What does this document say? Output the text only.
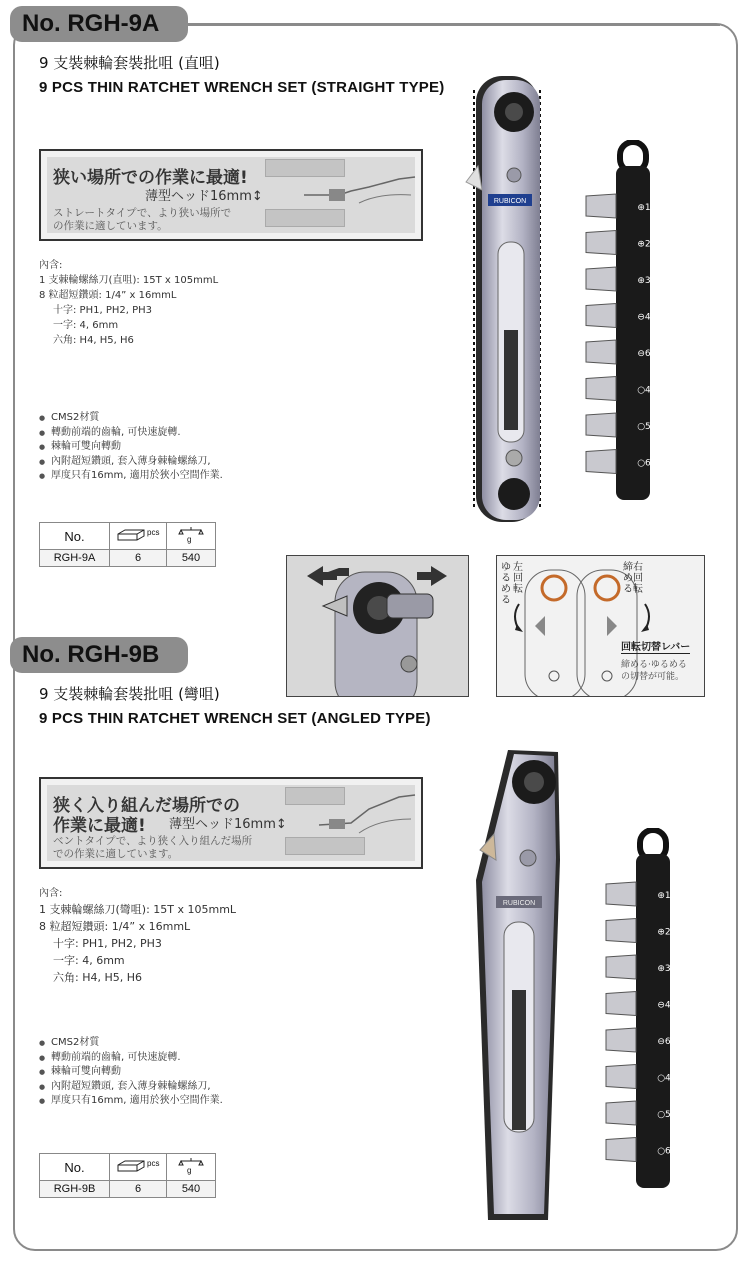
No. RGH-9A
9 支裝棘輪套裝批咀 (直咀)
9 PCS THIN RATCHET WRENCH SET (STRAIGHT TYPE)
狭い場所での作業に最適!
薄型ヘッド16mm↕
ストレートタイプで、より狭い場所で
の作業に適しています。
內含:
1 支棘輪螺絲刀(直咀): 15T x 105mmL
8 粒超短鑽頭: 1/4” x 16mmL
十字: PH1, PH2, PH3
一字: 4, 6mm
六角: H4, H5, H6
● CMS2材質
● 轉動前端的齒輪, 可快速旋轉.
● 棘輪可雙向轉動
● 內附超短鑽頭, 套入薄身棘輪螺絲刀,
● 厚度只有16mm, 適用於狹小空間作業.
No.	pcs	g

RGH-9A	6	540
RUBICON
⊕1
⊕2
⊕3
⊖4
⊖6
○4
○5
○6
左回転
ゆるめる
右回転
締める
回転切替レバー
締める·ゆるめる
の切替が可能。
No. RGH-9B
9 支裝棘輪套裝批咀 (彎咀)
9 PCS THIN RATCHET WRENCH SET (ANGLED TYPE)
狭く入り組んだ場所での
作業に最適! 薄型ヘッド16mm↕
ベントタイプで、より狭く入り組んだ場所
での作業に適しています。
內含:
1 支棘輪螺絲刀(彎咀): 15T x 105mmL
8 粒超短鑽頭: 1/4” x 16mmL
十字: PH1, PH2, PH3
一字: 4, 6mm
六角: H4, H5, H6
● CMS2材質
● 轉動前端的齒輪, 可快速旋轉.
● 棘輪可雙向轉動
● 內附超短鑽頭, 套入薄身棘輪螺絲刀,
● 厚度只有16mm, 適用於狹小空間作業.
No.	pcs	g

RGH-9B	6	540
RUBICON
⊕1
⊕2
⊕3
⊖4
⊖6
○4
○5
○6
